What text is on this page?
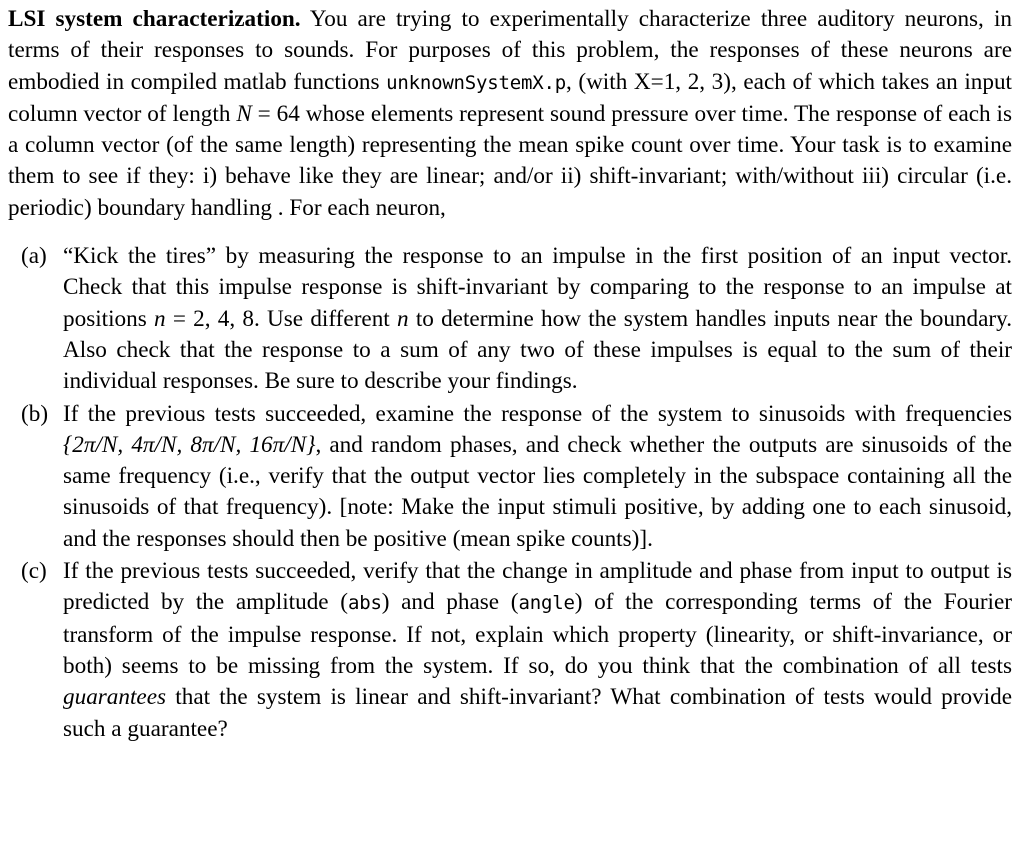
LSI system characterization. You are trying to experimentally characterize three auditory neurons, in terms of their responses to sounds. For purposes of this problem, the responses of these neurons are embodied in compiled matlab functions unknownSystemX.p, (with X=1, 2, 3), each of which takes an input column vector of length N = 64 whose elements represent sound pressure over time. The response of each is a column vector (of the same length) representing the mean spike count over time. Your task is to examine them to see if they: i) behave like they are linear; and/or ii) shift-invariant; with/without iii) circular (i.e. periodic) boundary handling . For each neuron,

(a) “Kick the tires” by measuring the response to an impulse in the first position of an input vector. Check that this impulse response is shift-invariant by comparing to the response to an impulse at positions n = 2, 4, 8. Use different n to determine how the system handles inputs near the boundary. Also check that the response to a sum of any two of these impulses is equal to the sum of their individual responses. Be sure to describe your findings.
(b) If the previous tests succeeded, examine the response of the system to sinusoids with frequencies {2π/N, 4π/N, 8π/N, 16π/N}, and random phases, and check whether the outputs are sinusoids of the same frequency (i.e., verify that the output vector lies completely in the subspace containing all the sinusoids of that frequency). [note: Make the input stimuli positive, by adding one to each sinusoid, and the responses should then be positive (mean spike counts)].
(c) If the previous tests succeeded, verify that the change in amplitude and phase from input to output is predicted by the amplitude (abs) and phase (angle) of the corresponding terms of the Fourier transform of the impulse response. If not, explain which property (linearity, or shift-invariance, or both) seems to be missing from the system. If so, do you think that the combination of all tests guarantees that the system is linear and shift-invariant? What combination of tests would provide such a guarantee?
